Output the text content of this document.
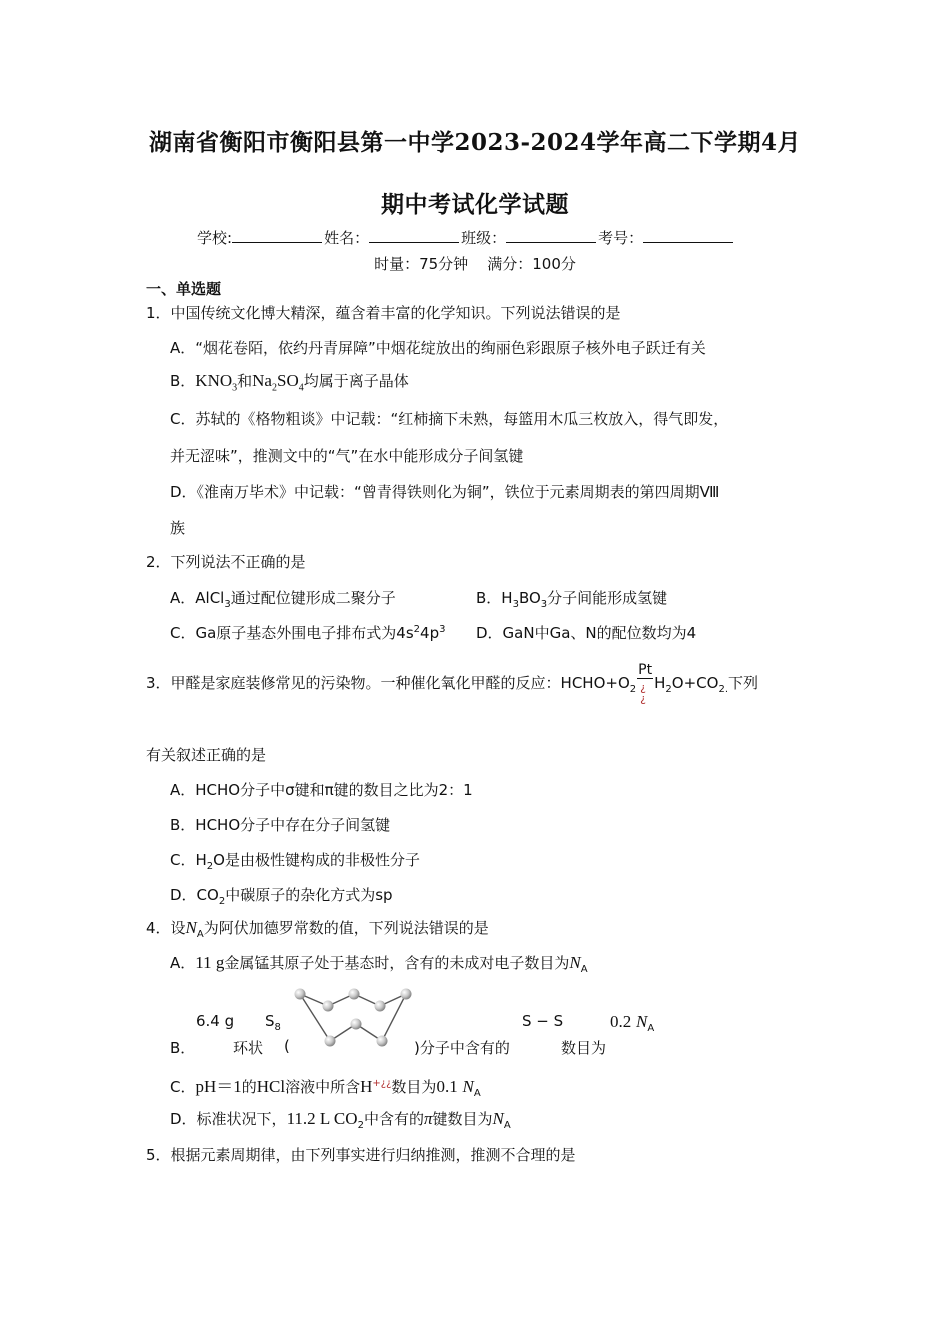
湖南省衡阳市衡阳县第一中学2023-2024学年高二下学期4月
期中考试化学试题
学校:	姓名：	班级：	考号：
时量：75分钟    满分：100分
一、单选题
1．中国传统文化博大精深，蕴含着丰富的化学知识。下列说法错误的是
A．“烟花卷陌，依约丹青屏障”中烟花绽放出的绚丽色彩跟原子核外电子跃迁有关
B．$KNO_3$和$Na_2SO_4$均属于离子晶体
C．苏轼的《格物粗谈》中记载：“红柿摘下未熟，每篮用木瓜三枚放入，得气即发，
并无涩味”，推测文中的“气”在水中能形成分子间氢键
D．《淮南万毕术》中记载：“曾青得铁则化为铜”，铁位于元素周期表的第四周期Ⅷ
族
2．下列说法不正确的是
A．AlCl$_3$通过配位键形成二聚分子	B．$H_3BO_3$分子间能形成氢键
C．Ga原子基态外围电子排布式为$4s^24p^3$ D．GaN中Ga、N的配位数均为4
3．甲醛是家庭装修常见的污染物。一种催化氧化甲醛的反应：$HCHO+O_2$
Pt
¿
¿
$H_2O+CO_{2.}$下列
有关叙述正确的是
A．HCHO分子中σ键和π键的数目之比为2：1
B．HCHO分子中存在分子间氢键
C．$H_2O$是由极性键构成的非极性分子
D．$CO_2$中碳原子的杂化方式为sp
4．设$N_A$为阿伏加德罗常数的值，下列说法错误的是
A．11 g金属锰其原子处于基态时，含有的未成对电子数目为$N_A$
B．
6.4 g $S_8$
环状 (	)分子中含有的
S − S
数目为
0.2 $N_A$
C．pH＝1的HCl溶液中所含H+¿¿数目为0.1 $N_A$
D．标准状况下，11.2 L $CO_2$中含有的π键数目为$N_A$
5．根据元素周期律，由下列事实进行归纳推测，推测不合理的是
